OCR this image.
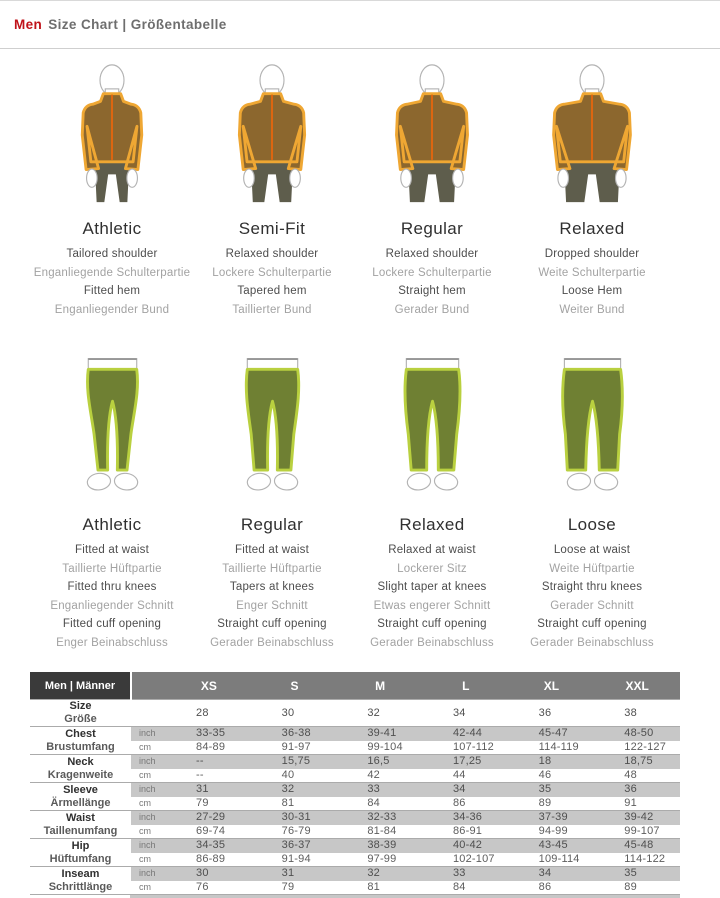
Men Size Chart | Größentabelle
Athletic

Tailored shoulder

Enganliegende Schulterpartie

Fitted hem

Enganliegender Bund

Semi-Fit

Relaxed shoulder

Lockere Schulterpartie

Tapered hem

Taillierter Bund

Regular

Relaxed shoulder

Lockere Schulterpartie

Straight hem

Gerader Bund

Relaxed

Dropped shoulder

Weite Schulterpartie

Loose Hem

Weiter Bund

Athletic

Fitted at waist

Taillierte Hüftpartie

Fitted thru knees

Enganliegender Schnitt

Fitted cuff opening

Enger Beinabschluss

Regular

Fitted at waist

Taillierte Hüftpartie

Tapers at knees

Enger Schnitt

Straight cuff opening

Gerader Beinabschluss

Relaxed

Relaxed at waist

Lockerer Sitz

Slight taper at knees

Etwas engerer Schnitt

Straight cuff opening

Gerader Beinabschluss

Loose

Loose at waist

Weite Hüftpartie

Straight thru knees

Gerader Schnitt

Straight cuff opening

Gerader Beinabschluss

Men | Männer		XS	S	M	L	XL	XXL

Size
Größe		28	30	32	34	36	38

Chest
Brustumfang	inch	33-35	36-38	39-41	42-44	45-47	48-50
	cm	84-89	91-97	99-104	107-112	114-119	122-127

Neck
Kragenweite	inch	--	15,75	16,5	17,25	18	18,75
	cm	--	40	42	44	46	48

Sleeve
Ärmellänge	inch	31	32	33	34	35	36
	cm	79	81	84	86	89	91

Waist
Taillenumfang	inch	27-29	30-31	32-33	34-36	37-39	39-42
	cm	69-74	76-79	81-84	86-91	94-99	99-107

Hip
Hüftumfang	inch	34-35	36-37	38-39	40-42	43-45	45-48
	cm	86-89	91-94	97-99	102-107	109-114	114-122

Inseam
Schrittlänge	inch	30	31	32	33	34	35
	cm	76	79	81	84	86	89
